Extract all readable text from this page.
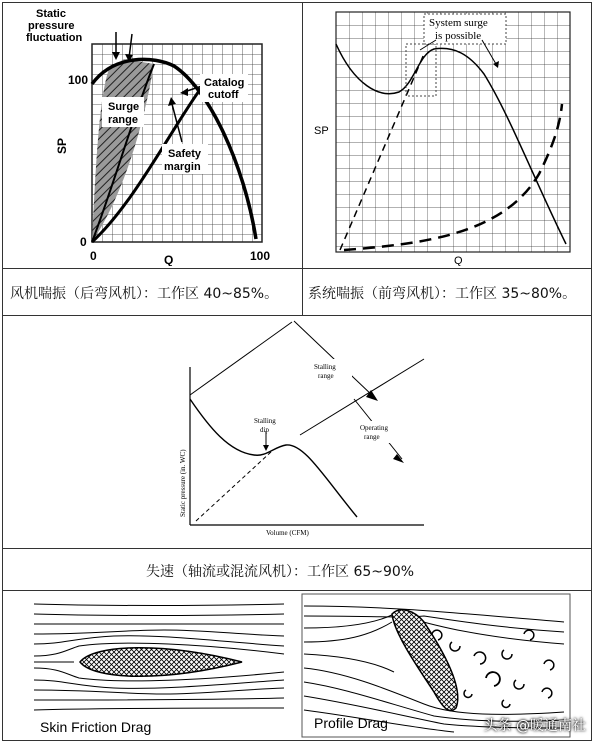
Static
pressure
fluctuation
100
0
0	100
Q
SP
Surge
range
Catalog
cutoff
Safety
margin
System surge
is possible
SP
Q
风机喘振（后弯风机）：工作区 40~85%。 系统喘振（前弯风机）：工作区 35~80%。
Stalling
range
Stalling
dip	Operating
range
Static pressure (in. WC)
Volume (CFM)
失速（轴流或混流风机）：工作区 65~90%
Skin Friction Drag	Profile Drag	头条 @暖通南社
